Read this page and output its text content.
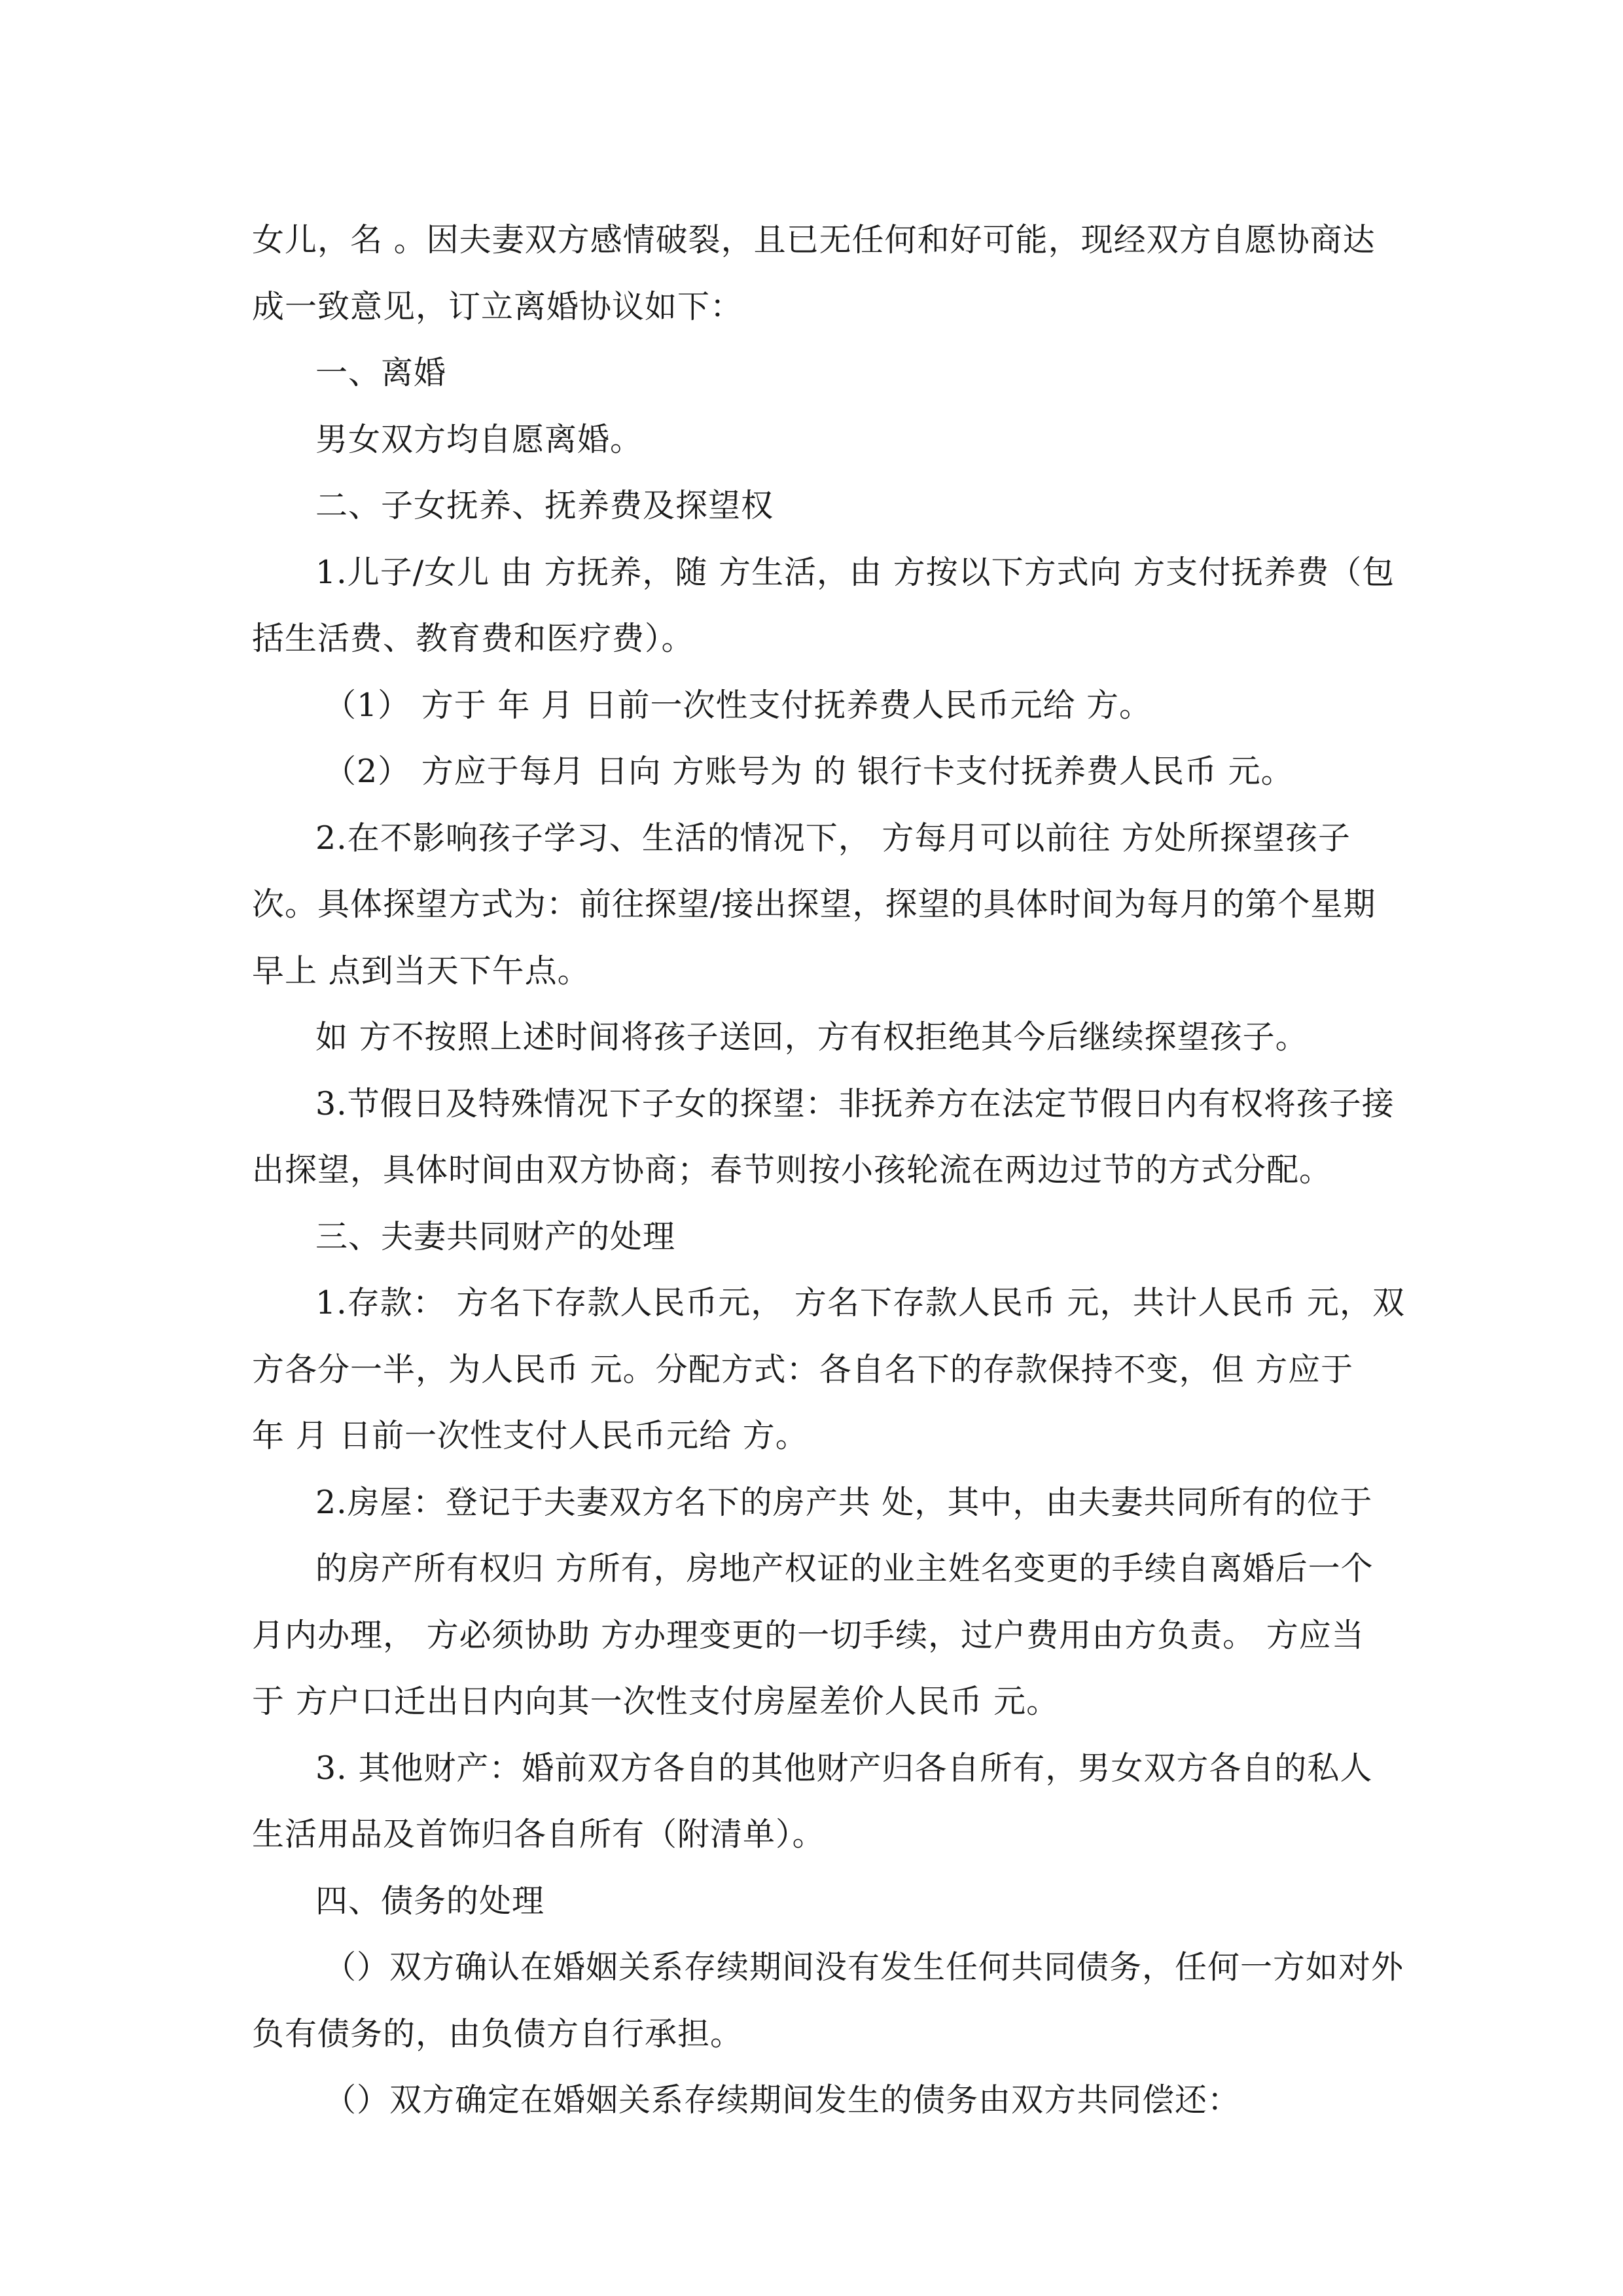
女儿，名 。因夫妻双方感情破裂，且已无任何和好可能，现经双方自愿协商达

成一致意见，订立离婚协议如下：

一、离婚

男女双方均自愿离婚。

二、子女抚养、抚养费及探望权

1.儿子/女儿 由 方抚养，随 方生活，由 方按以下方式向 方支付抚养费（包

括生活费、教育费和医疗费）。

（1） 方于 年 月 日前一次性支付抚养费人民币元给 方。

（2） 方应于每月 日向 方账号为 的 银行卡支付抚养费人民币 元。

2.在不影响孩子学习、生活的情况下， 方每月可以前往 方处所探望孩子

次。具体探望方式为：前往探望/接出探望，探望的具体时间为每月的第个星期

早上 点到当天下午点。

如 方不按照上述时间将孩子送回，方有权拒绝其今后继续探望孩子。

3.节假日及特殊情况下子女的探望：非抚养方在法定节假日内有权将孩子接

出探望，具体时间由双方协商；春节则按小孩轮流在两边过节的方式分配。

三、夫妻共同财产的处理

1.存款： 方名下存款人民币元， 方名下存款人民币 元，共计人民币 元，双

方各分一半，为人民币 元。分配方式：各自名下的存款保持不变，但 方应于

年 月 日前一次性支付人民币元给 方。

2.房屋：登记于夫妻双方名下的房产共 处，其中，由夫妻共同所有的位于

的房产所有权归 方所有，房地产权证的业主姓名变更的手续自离婚后一个

月内办理， 方必须协助 方办理变更的一切手续，过户费用由方负责。 方应当

于 方户口迁出日内向其一次性支付房屋差价人民币 元。

3. 其他财产：婚前双方各自的其他财产归各自所有，男女双方各自的私人

生活用品及首饰归各自所有（附清单）。

四、债务的处理

（）双方确认在婚姻关系存续期间没有发生任何共同债务，任何一方如对外

负有债务的，由负债方自行承担。

（）双方确定在婚姻关系存续期间发生的债务由双方共同偿还：
